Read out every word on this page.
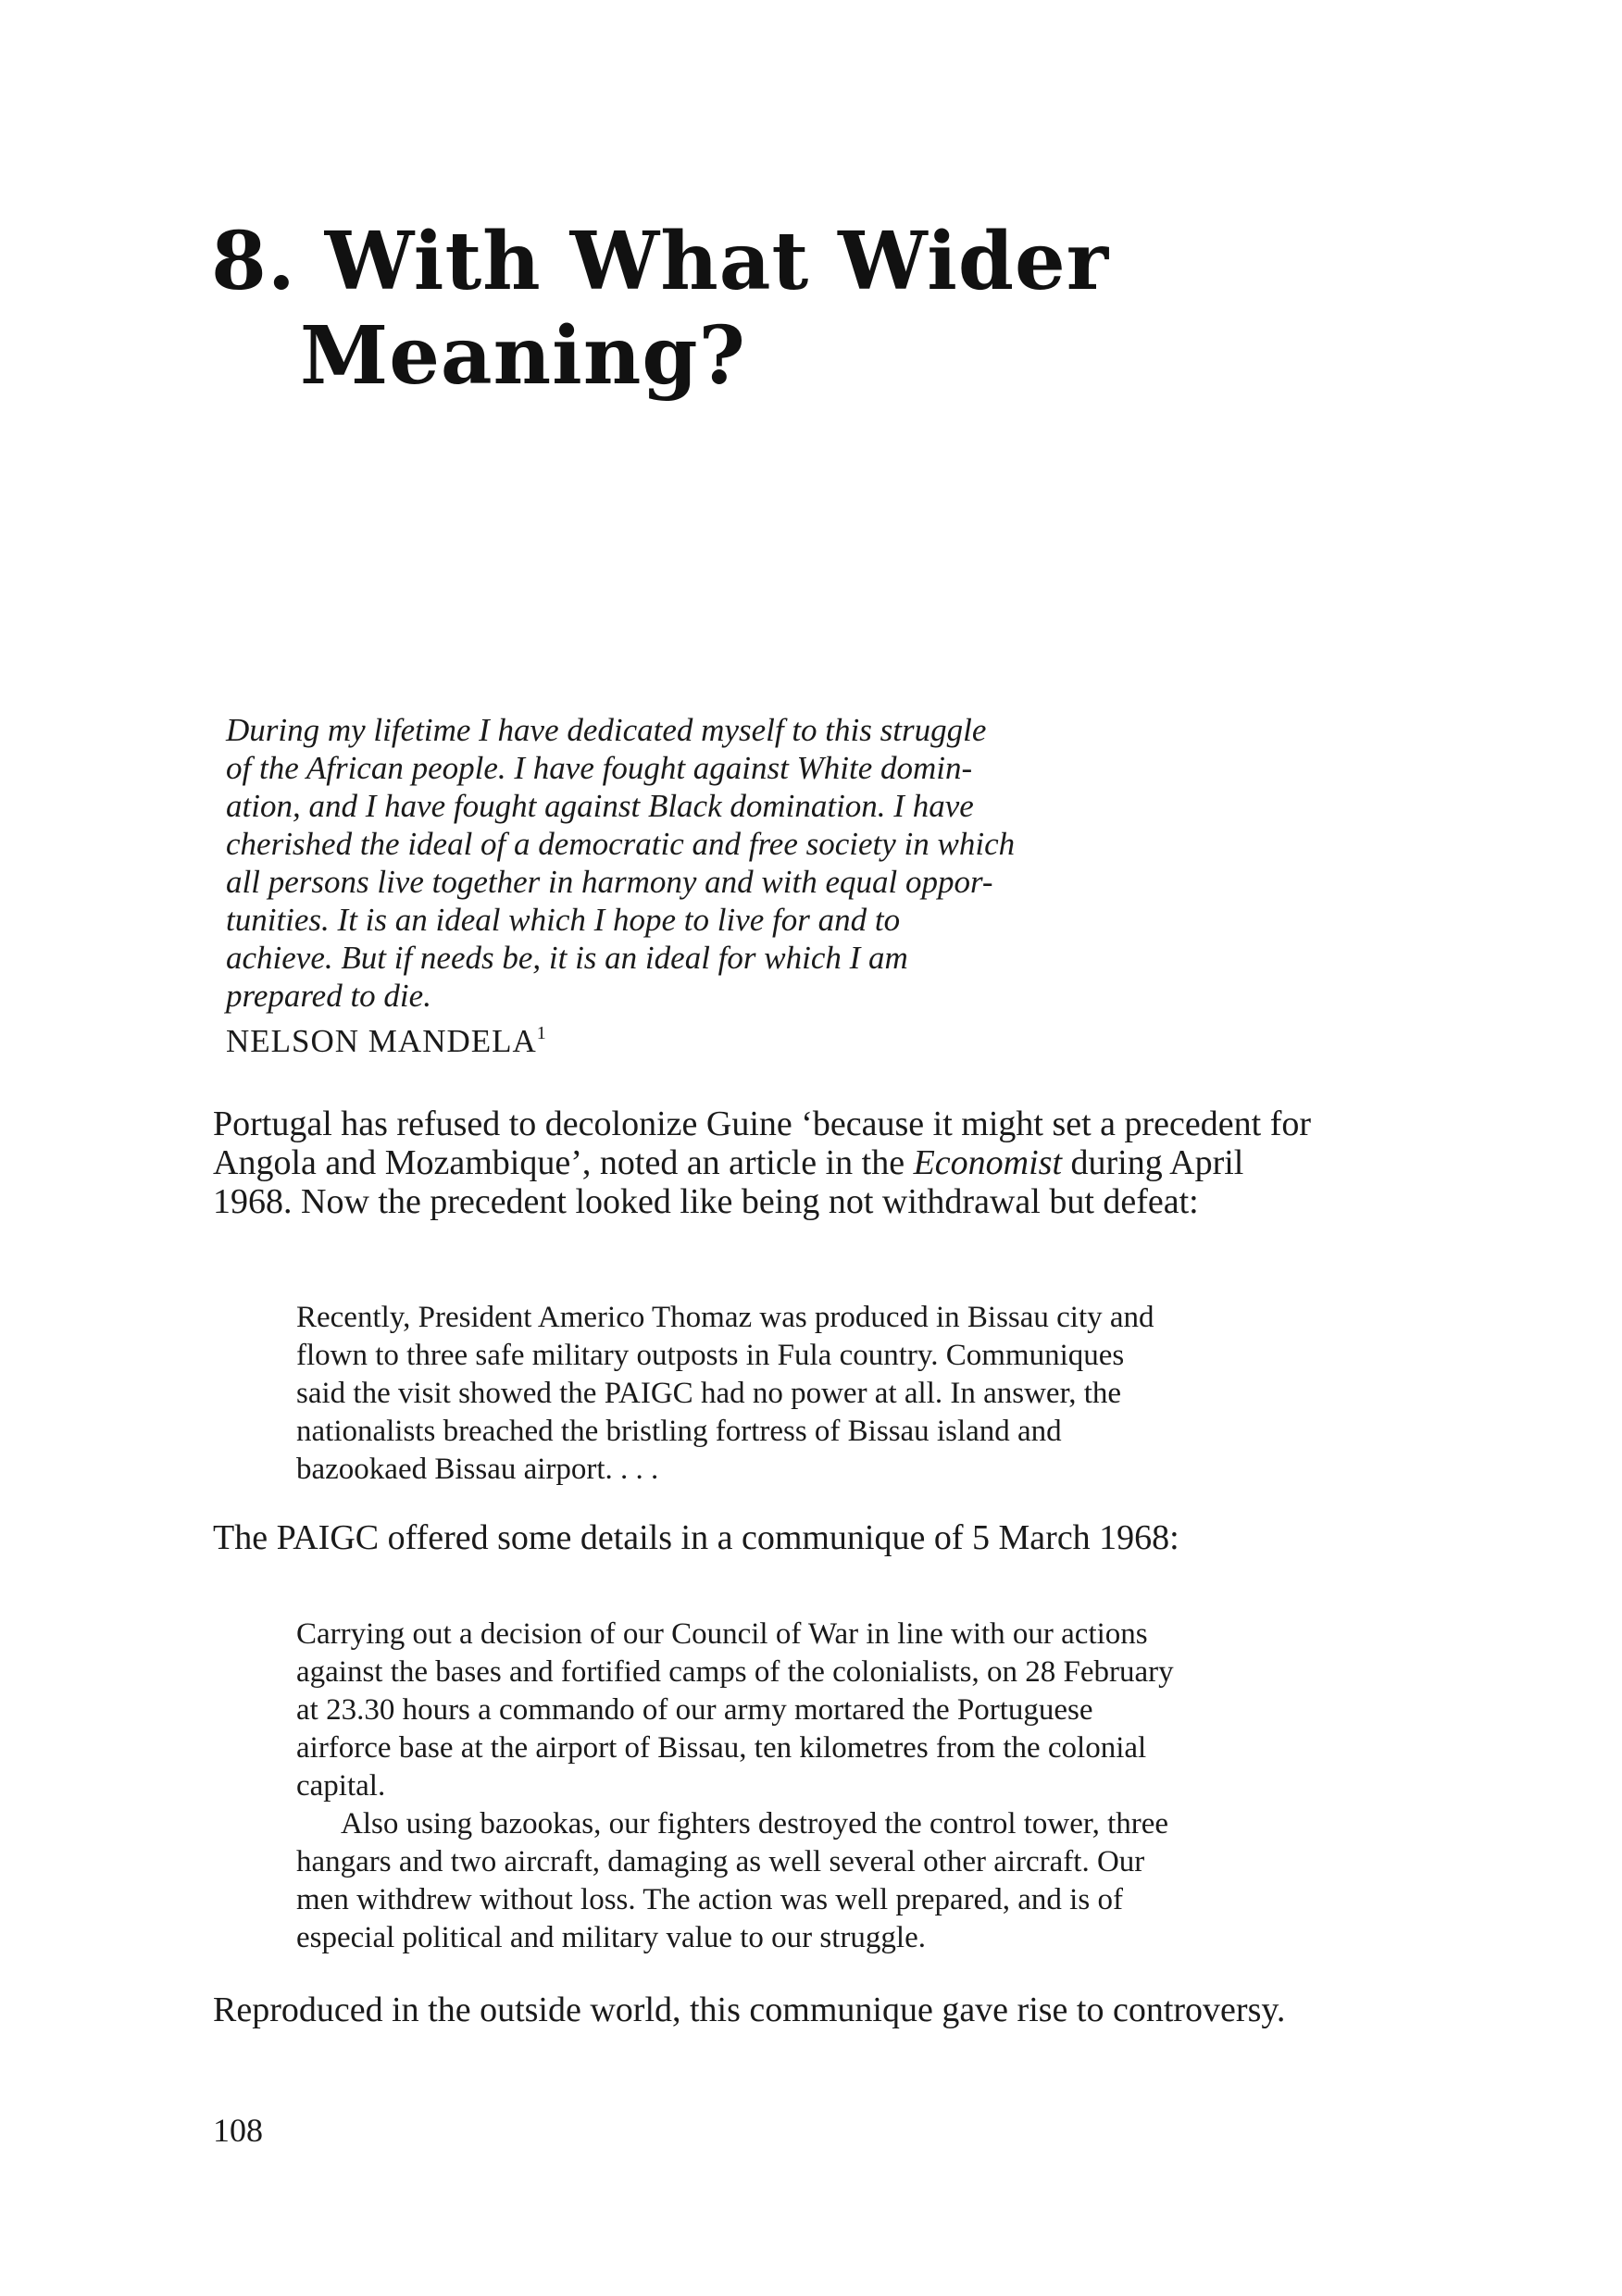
8. With What Wider
Meaning?
During my lifetime I have dedicated myself to this struggle
of the African people. I have fought against White domin-
ation, and I have fought against Black domination. I have
cherished the ideal of a democratic and free society in which
all persons live together in harmony and with equal oppor-
tunities. It is an ideal which I hope to live for and to
achieve. But if needs be, it is an ideal for which I am
prepared to die.
NELSON MANDELA$^1$
Portugal has refused to decolonize Guine ‘because it might set a precedent for
Angola and Mozambique’, noted an article in the Economist during April
1968. Now the precedent looked like being not withdrawal but defeat:
Recently, President Americo Thomaz was produced in Bissau city and
flown to three safe military outposts in Fula country. Communiques
said the visit showed the PAIGC had no power at all. In answer, the
nationalists breached the bristling fortress of Bissau island and
bazookaed Bissau airport. . . .
The PAIGC offered some details in a communique of 5 March 1968:
Carrying out a decision of our Council of War in line with our actions
against the bases and fortified camps of the colonialists, on 28 February
at 23.30 hours a commando of our army mortared the Portuguese
airforce base at the airport of Bissau, ten kilometres from the colonial
capital.
Also using bazookas, our fighters destroyed the control tower, three
hangars and two aircraft, damaging as well several other aircraft. Our
men withdrew without loss. The action was well prepared, and is of
especial political and military value to our struggle.
Reproduced in the outside world, this communique gave rise to controversy.
108
